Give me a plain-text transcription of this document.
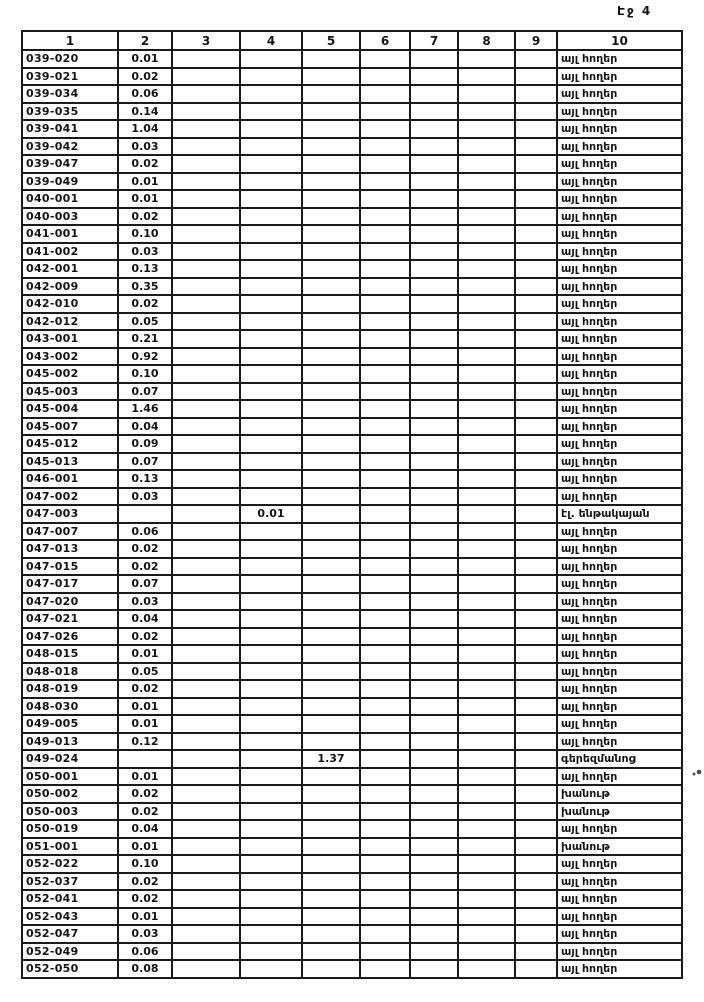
Էջ 4
1	2	3	4	5	6	7	8	9	10
039-020	0.01								այլ հողեր
039-021	0.02								այլ հողեր
039-034	0.06								այլ հողեր
039-035	0.14								այլ հողեր
039-041	1.04								այլ հողեր
039-042	0.03								այլ հողեր
039-047	0.02								այլ հողեր
039-049	0.01								այլ հողեր
040-001	0.01								այլ հողեր
040-003	0.02								այլ հողեր
041-001	0.10								այլ հողեր
041-002	0.03								այլ հողեր
042-001	0.13								այլ հողեր
042-009	0.35								այլ հողեր
042-010	0.02								այլ հողեր
042-012	0.05								այլ հողեր
043-001	0.21								այլ հողեր
043-002	0.92								այլ հողեր
045-002	0.10								այլ հողեր
045-003	0.07								այլ հողեր
045-004	1.46								այլ հողեր
045-007	0.04								այլ հողեր
045-012	0.09								այլ հողեր
045-013	0.07								այլ հողեր
046-001	0.13								այլ հողեր
047-002	0.03								այլ հողեր
047-003			0.01						էլ. ենթակայան
047-007	0.06								այլ հողեր
047-013	0.02								այլ հողեր
047-015	0.02								այլ հողեր
047-017	0.07								այլ հողեր
047-020	0.03								այլ հողեր
047-021	0.04								այլ հողեր
047-026	0.02								այլ հողեր
048-015	0.01								այլ հողեր
048-018	0.05								այլ հողեր
048-019	0.02								այլ հողեր
048-030	0.01								այլ հողեր
049-005	0.01								այլ հողեր
049-013	0.12								այլ հողեր
049-024				1.37					գերեզմանոց
050-001	0.01								այլ հողեր
050-002	0.02								խանութ
050-003	0.02								խանութ
050-019	0.04								այլ հողեր
051-001	0.01								խանութ
052-022	0.10								այլ հողեր
052-037	0.02								այլ հողեր
052-041	0.02								այլ հողեր
052-043	0.01								այլ հողեր
052-047	0.03								այլ հողեր
052-049	0.06								այլ հողեր
052-050	0.08								այլ հողեր
